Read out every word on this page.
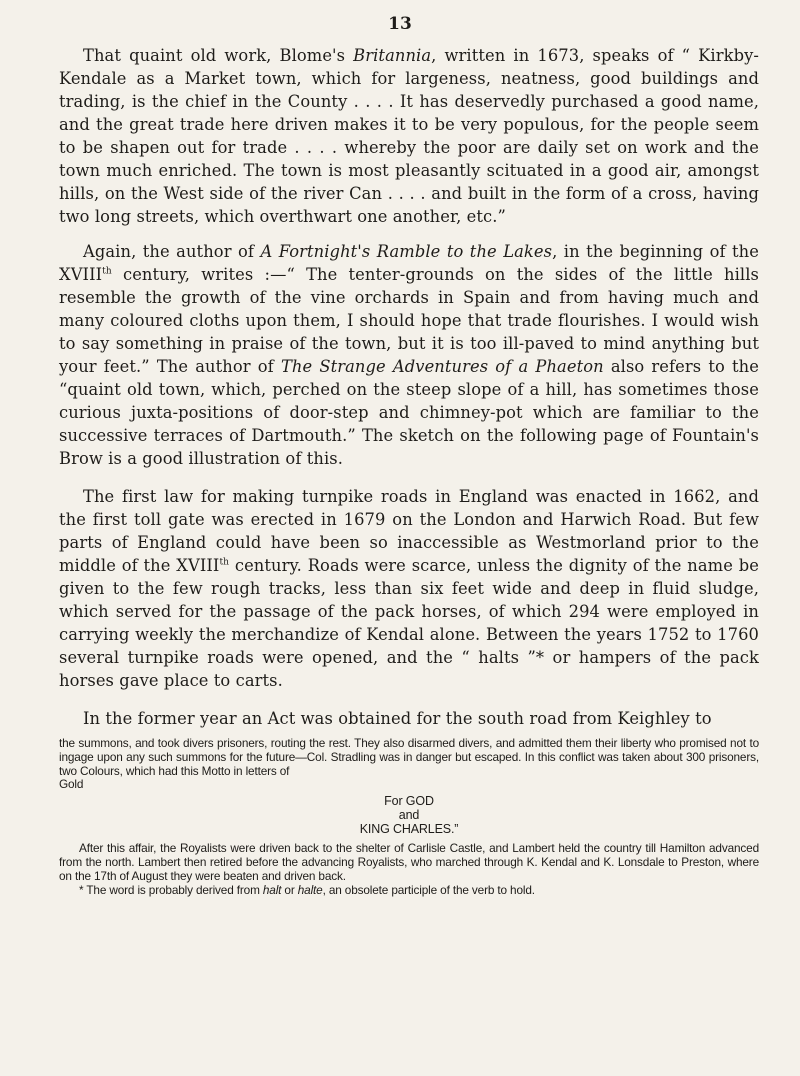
13

That quaint old work, Blome's Britannia, written in 1673, speaks of “ Kirkby-Kendale as a Market town, which for largeness, neatness, good buildings and trading, is the chief in the County . . . . It has deservedly purchased a good name, and the great trade here driven makes it to be very populous, for the people seem to be shapen out for trade . . . . whereby the poor are daily set on work and the town much enriched. The town is most pleasantly scituated in a good air, amongst hills, on the West side of the river Can . . . . and built in the form of a cross, having two long streets, which overthwart one another, etc.”

Again, the author of A Fortnight's Ramble to the Lakes, in the beginning of the XVIIIth century, writes :—“ The tenter-grounds on the sides of the little hills resemble the growth of the vine orchards in Spain and from having much and many coloured cloths upon them, I should hope that trade flourishes. I would wish to say something in praise of the town, but it is too ill-paved to mind anything but your feet.” The author of The Strange Adventures of a Phaeton also refers to the “quaint old town, which, perched on the steep slope of a hill, has sometimes those curious juxta-positions of door-step and chimney-pot which are familiar to the successive terraces of Dartmouth.” The sketch on the following page of Fountain's Brow is a good illustration of this.

The first law for making turnpike roads in England was enacted in 1662, and the first toll gate was erected in 1679 on the London and Harwich Road. But few parts of England could have been so inaccessible as Westmorland prior to the middle of the XVIIIth century. Roads were scarce, unless the dignity of the name be given to the few rough tracks, less than six feet wide and deep in fluid sludge, which served for the passage of the pack horses, of which 294 were employed in carrying weekly the merchandize of Kendal alone. Between the years 1752 to 1760 several turnpike roads were opened, and the “ halts ”* or hampers of the pack horses gave place to carts.

In the former year an Act was obtained for the south road from Keighley to

the summons, and took divers prisoners, routing the rest. They also disarmed divers, and admitted them their liberty who promised not to ingage upon any such summons for the future—Col. Stradling was in danger but escaped. In this conflict was taken about 300 prisoners, two Colours, which had this Motto in letters of

Gold

For GOD

and

KING CHARLES.”

After this affair, the Royalists were driven back to the shelter of Carlisle Castle, and Lambert held the country till Hamilton advanced from the north. Lambert then retired before the advancing Royalists, who marched through K. Kendal and K. Lonsdale to Preston, where on the 17th of August they were beaten and driven back.

* The word is probably derived from halt or halte, an obsolete participle of the verb to hold.
